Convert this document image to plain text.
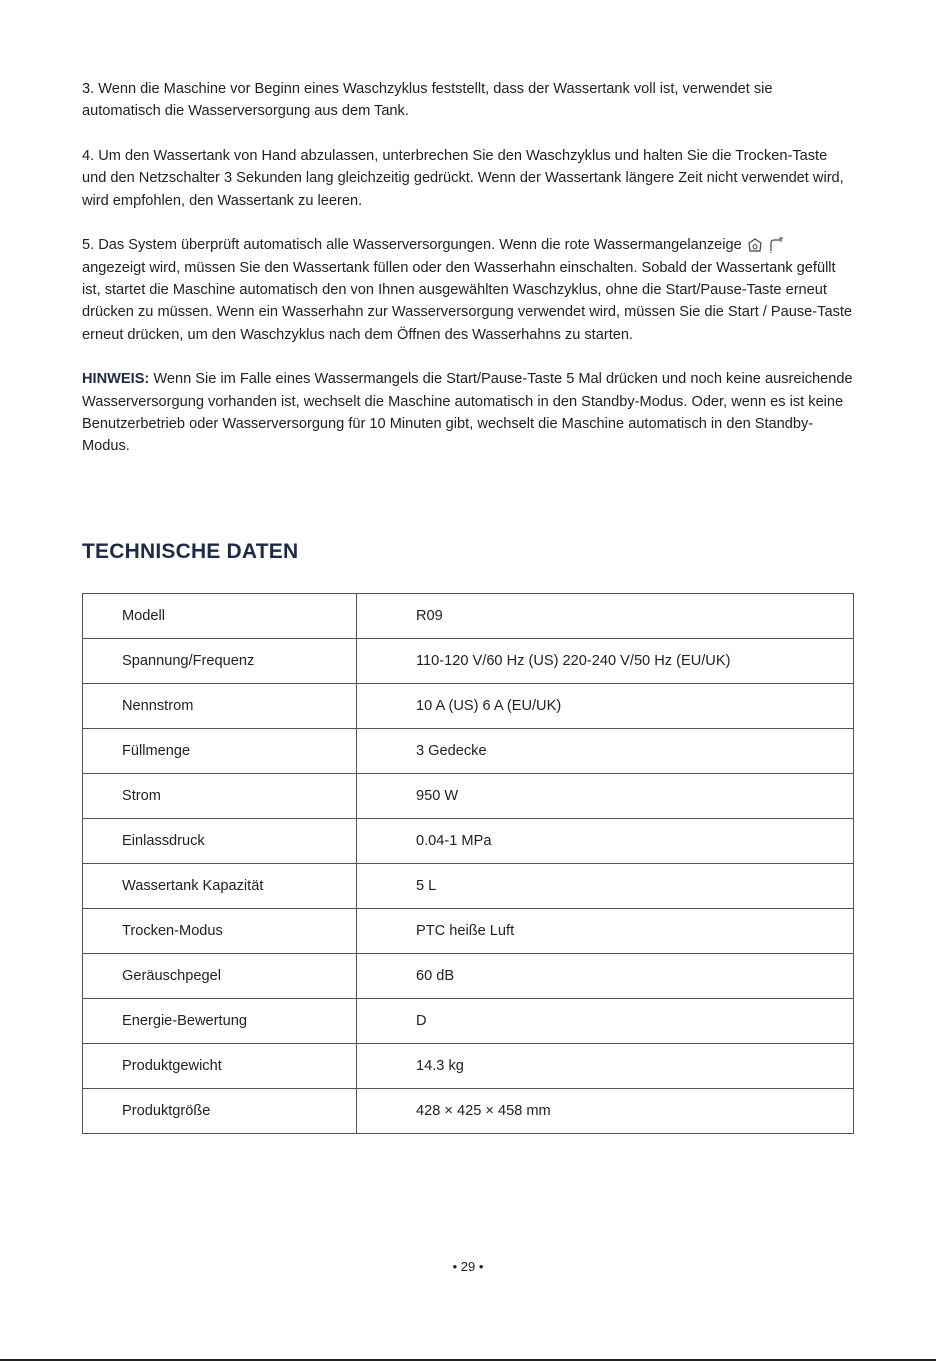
3. Wenn die Maschine vor Beginn eines Waschzyklus feststellt, dass der Wassertank voll ist, verwendet sie automatisch die Wasserversorgung aus dem Tank.

4. Um den Wassertank von Hand abzulassen, unterbrechen Sie den Waschzyklus und halten Sie die Trocken-Taste und den Netzschalter 3 Sekunden lang gleichzeitig gedrückt. Wenn der Wassertank längere Zeit nicht verwendet wird, wird empfohlen, den Wassertank zu leeren.

5. Das System überprüft automatisch alle Wasserversorgungen. Wenn die rote Wassermangelanzeige
angezeigt wird, müssen Sie den Wassertank füllen oder den Wasserhahn einschalten. Sobald der Wassertank gefüllt ist, startet die Maschine automatisch den von Ihnen ausgewählten Waschzyklus, ohne die Start/Pause-Taste erneut drücken zu müssen. Wenn ein Wasserhahn zur Wasserversorgung verwendet wird, müssen Sie die Start / Pause-Taste erneut drücken, um den Waschzyklus nach dem Öffnen des Wasserhahns zu starten.

HINWEIS: Wenn Sie im Falle eines Wassermangels die Start/Pause-Taste 5 Mal drücken und noch keine ausreichende Wasserversorgung vorhanden ist, wechselt die Maschine automatisch in den Standby-Modus. Oder, wenn es ist keine Benutzerbetrieb oder Wasserversorgung für 10 Minuten gibt, wechselt die Maschine automatisch in den Standby-Modus.

TECHNISCHE DATEN
Modell	R09
Spannung/Frequenz	110-120 V/60 Hz (US) 220-240 V/50 Hz (EU/UK)
Nennstrom	10 A (US) 6 A (EU/UK)
Füllmenge	3 Gedecke
Strom	950 W
Einlassdruck	0.04-1 MPa
Wassertank Kapazität	5 L
Trocken-Modus	PTC heiße Luft
Geräuschpegel	60 dB
Energie-Bewertung	D
Produktgewicht	14.3 kg
Produktgröße	428 × 425 × 458 mm
• 29 •
